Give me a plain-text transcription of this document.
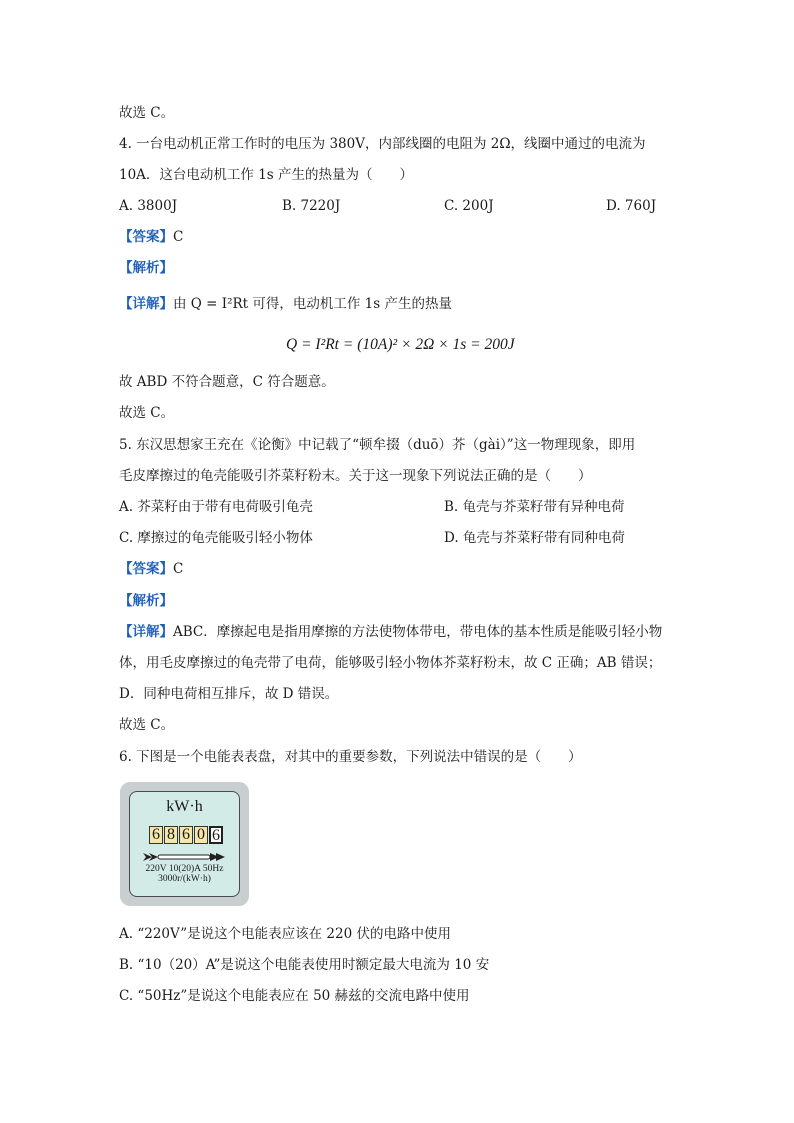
故选 C。
4. 一台电动机正常工作时的电压为 380V，内部线圈的电阻为 2Ω，线圈中通过的电流为
10A．这台电动机工作 1s 产生的热量为（　　）
A. 3800J	B. 7220J	C. 200J	D. 760J
【答案】C
【解析】
【详解】由 Q = I²Rt 可得，电动机工作 1s 产生的热量
Q = I²Rt = (10A)² × 2Ω × 1s = 200J
故 ABD 不符合题意，C 符合题意。
故选 C。
5. 东汉思想家王充在《论衡》中记载了“顿牟掇（duō）芥（gài）”这一物理现象，即用
毛皮摩擦过的龟壳能吸引芥菜籽粉末。关于这一现象下列说法正确的是（　　）
A. 芥菜籽由于带有电荷吸引龟壳	B. 龟壳与芥菜籽带有异种电荷
C. 摩擦过的龟壳能吸引轻小物体	D. 龟壳与芥菜籽带有同种电荷
【答案】C
【解析】
【详解】ABC．摩擦起电是指用摩擦的方法使物体带电，带电体的基本性质是能吸引轻小物
体，用毛皮摩擦过的龟壳带了电荷，能够吸引轻小物体芥菜籽粉末，故 C 正确；AB 错误；
D．同种电荷相互排斥，故 D 错误。
故选 C。
6. 下图是一个电能表表盘，对其中的重要参数，下列说法中错误的是（　　）
kW·h
6 8 6 0 6
220V 10(20)A 50Hz
3000r/(kW·h)
A. “220V”是说这个电能表应该在 220 伏的电路中使用
B. “10（20）A”是说这个电能表使用时额定最大电流为 10 安
C. “50Hz”是说这个电能表应在 50 赫兹的交流电路中使用
